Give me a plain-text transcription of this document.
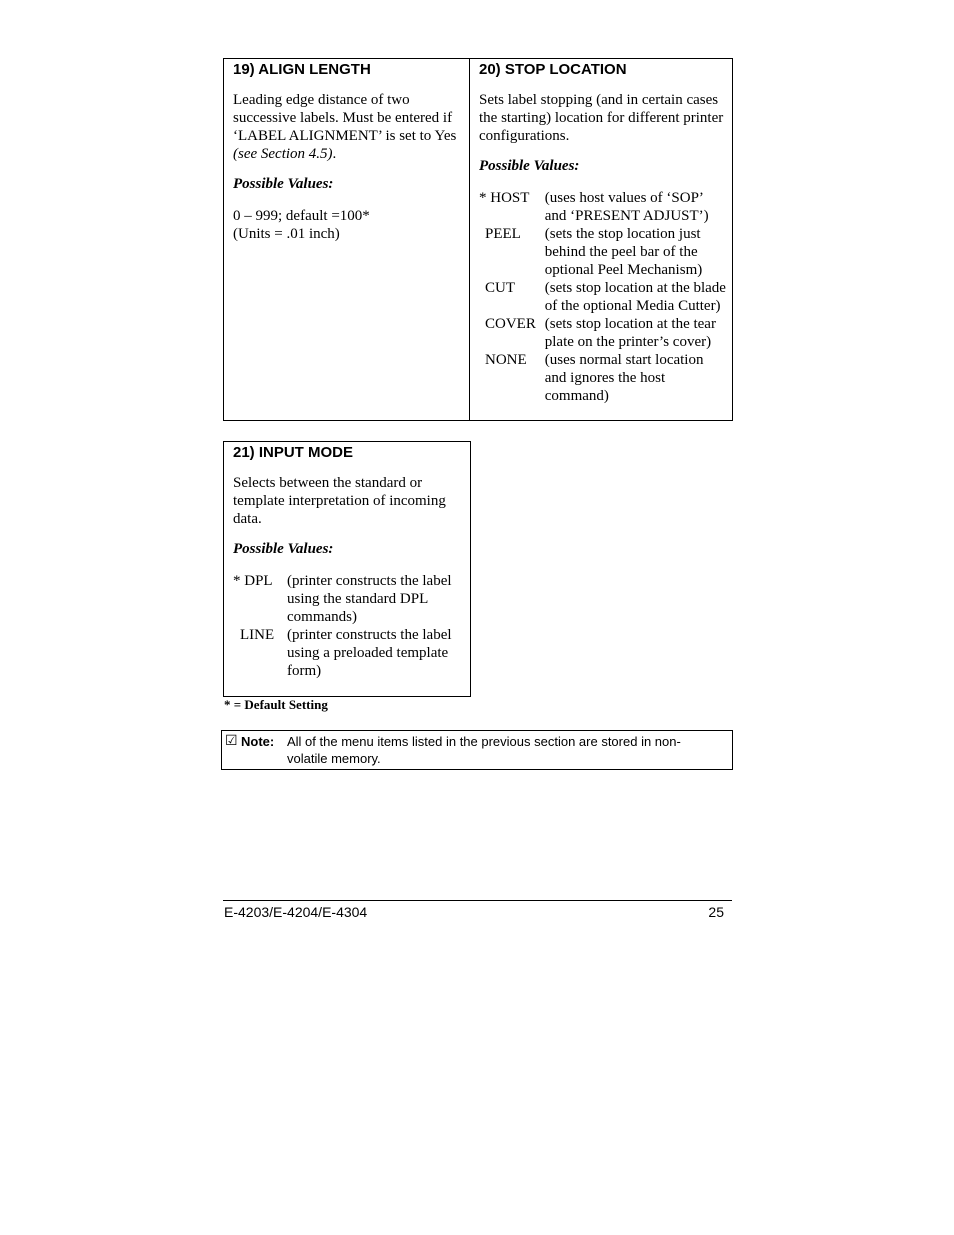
19) ALIGN LENGTH

Leading edge distance of two successive labels. Must be entered if ‘LABEL ALIGNMENT’ is set to Yes (see Section 4.5).

Possible Values:
0 – 999; default =100*
(Units = .01 inch)
20) STOP LOCATION

Sets label stopping (and in certain cases the starting) location for different printer configurations.

Possible Values:
* HOST	(uses host values of ‘SOP’ and ‘PRESENT ADJUST’)
PEEL	(sets the stop location just behind the peel bar of the optional Peel Mechanism)
CUT	(sets stop location at the blade of the optional Media Cutter)
COVER	(sets stop location at the tear plate on the printer’s cover)
NONE	(uses normal start location and ignores the host command)
21) INPUT MODE

Selects between the standard or template interpretation of incoming data.

Possible Values:
* DPL	(printer constructs the label using the standard DPL commands)
LINE	(printer constructs the label using a preloaded template form)
* = Default Setting
☑ Note: All of the menu items listed in the previous section are stored in non-volatile memory.
E-4203/E-4204/E-4304	25
